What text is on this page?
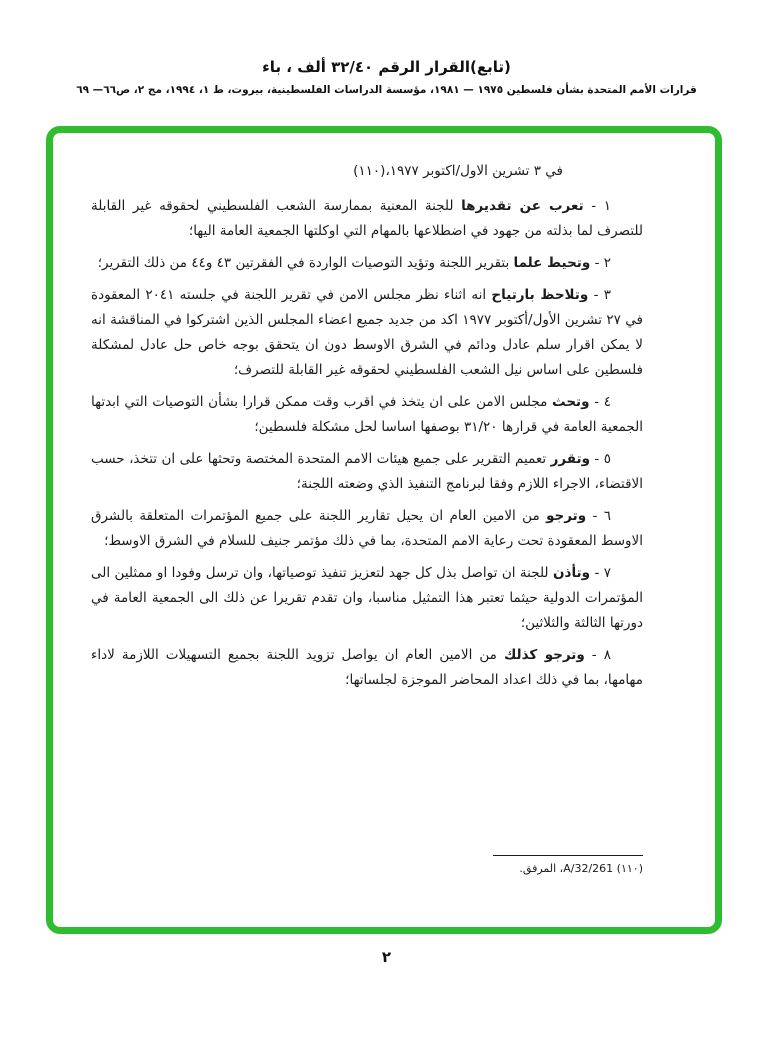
(تابع)القرار الرقم ٣٢/٤٠ ألف ، باء

قرارات الأمم المتحدة بشأن فلسطين ١٩٧٥ — ١٩٨١، مؤسسة الدراسات الفلسطينية، بيروت، ط ١، ١٩٩٤، مج ٢، ص٦٦— ٦٩

في ٣ تشرين الاول/اكتوبر ١٩٧٧،(١١٠)

١ - تعرب عن تقديرها للجنة المعنية بممارسة الشعب الفلسطيني لحقوقه غير القابلة للتصرف لما بذلته من جهود في اضطلاعها بالمهام التي اوكلتها الجمعية العامة اليها؛

٢ - وتحيط علما بتقرير اللجنة وتؤيد التوصيات الواردة في الفقرتين ٤٣ و٤٤ من ذلك التقرير؛

٣ - وتلاحظ بارتياح انه اثناء نظر مجلس الامن في تقرير اللجنة في جلسته ٢٠٤١ المعقودة في ٢٧ تشرين الأول/أكتوبر ١٩٧٧ اكد من جديد جميع اعضاء المجلس الذين اشتركوا في المناقشة انه لا يمكن اقرار سلم عادل ودائم في الشرق الاوسط دون ان يتحقق بوجه خاص حل عادل لمشكلة فلسطين على اساس نيل الشعب الفلسطيني لحقوقه غير القابلة للتصرف؛

٤ - وتحث مجلس الامن على ان يتخذ في اقرب وقت ممكن قرارا بشأن التوصيات التي ابدتها الجمعية العامة في قرارها ٣١/٢٠ بوصفها اساسا لحل مشكلة فلسطين؛

٥ - وتقرر تعميم التقرير على جميع هيئات الامم المتحدة المختصة وتحثها على ان تتخذ، حسب الاقتضاء، الاجراء اللازم وفقا لبرنامج التنفيذ الذي وضعته اللجنة؛

٦ - وترجو من الامين العام ان يحيل تقارير اللجنة على جميع المؤتمرات المتعلقة بالشرق الاوسط المعقودة تحت رعاية الامم المتحدة، بما في ذلك مؤتمر جنيف للسلام في الشرق الاوسط؛

٧ - وتأذن للجنة ان تواصل بذل كل جهد لتعزيز تنفيذ توصياتها، وان ترسل وفودا او ممثلين الى المؤتمرات الدولية حيثما تعتبر هذا التمثيل مناسبا، وان تقدم تقريرا عن ذلك الى الجمعية العامة في دورتها الثالثة والثلاثين؛

٨ - وترجو كذلك من الامين العام ان يواصل تزويد اللجنة بجميع التسهيلات اللازمة لاداء مهامها، بما في ذلك اعداد المحاضر الموجزة لجلساتها؛

(١١٠) A/32/261، المرفق.

٢
